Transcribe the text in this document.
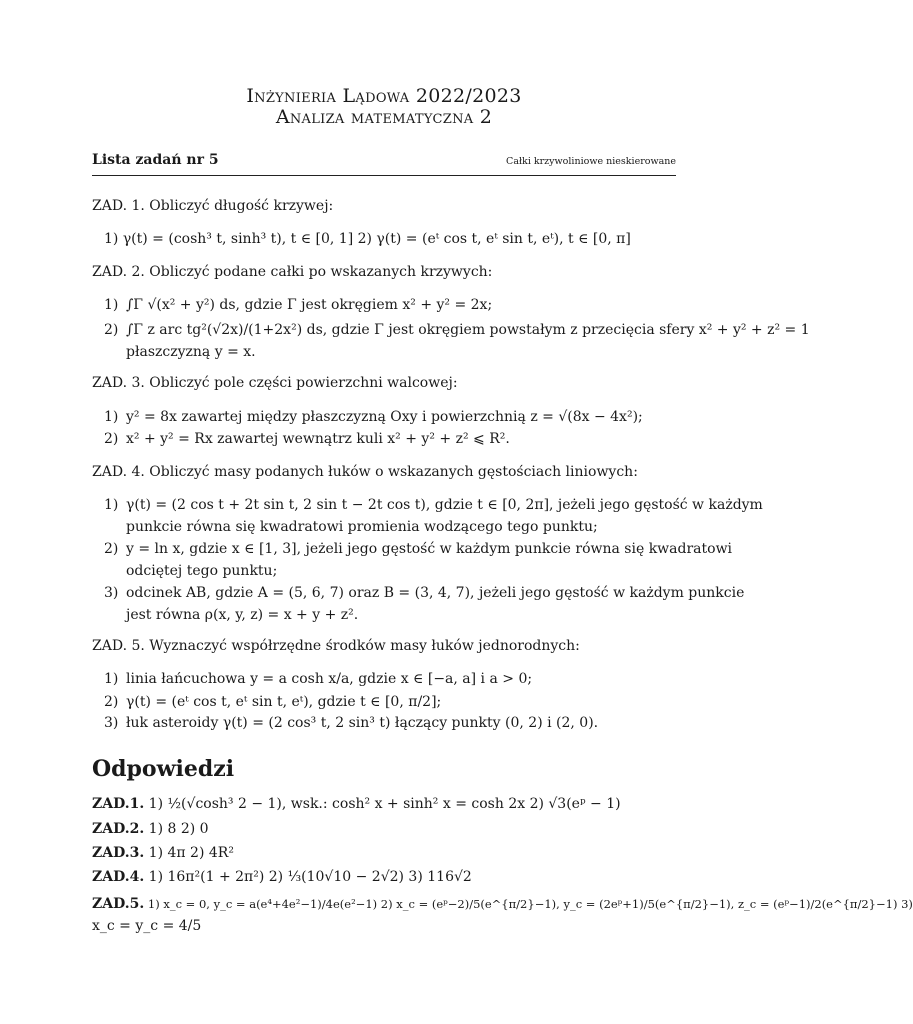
Inżynieria Lądowa 2022/2023
Analiza matematyczna 2
Lista zadań nr 5	Całki krzywoliniowe nieskierowane
ZAD. 1. Obliczyć długość krzywej:
1) γ(t) = (cosh³ t, sinh³ t), t ∈ [0, 1] 2) γ(t) = (eᵗ cos t, eᵗ sin t, eᵗ), t ∈ [0, π]
ZAD. 2. Obliczyć podane całki po wskazanych krzywych:
1) ∫Γ √(x² + y²) ds, gdzie Γ jest okręgiem x² + y² = 2x;
2) ∫Γ z arc tg²(√2x)/(1+2x²) ds, gdzie Γ jest okręgiem powstałym z przecięcia sfery x² + y² + z² = 1
płaszczyzną y = x.
ZAD. 3. Obliczyć pole części powierzchni walcowej:
1) y² = 8x zawartej między płaszczyzną Oxy i powierzchnią z = √(8x − 4x²);
2) x² + y² = Rx zawartej wewnątrz kuli x² + y² + z² ⩽ R².
ZAD. 4. Obliczyć masy podanych łuków o wskazanych gęstościach liniowych:
1) γ(t) = (2 cos t + 2t sin t, 2 sin t − 2t cos t), gdzie t ∈ [0, 2π], jeżeli jego gęstość w każdym
punkcie równa się kwadratowi promienia wodzącego tego punktu;
2) y = ln x, gdzie x ∈ [1, 3], jeżeli jego gęstość w każdym punkcie równa się kwadratowi
odciętej tego punktu;
3) odcinek AB, gdzie A = (5, 6, 7) oraz B = (3, 4, 7), jeżeli jego gęstość w każdym punkcie
jest równa ρ(x, y, z) = x + y + z².
ZAD. 5. Wyznaczyć współrzędne środków masy łuków jednorodnych:
1) linia łańcuchowa y = a cosh x/a, gdzie x ∈ [−a, a] i a > 0;
2) γ(t) = (eᵗ cos t, eᵗ sin t, eᵗ), gdzie t ∈ [0, π/2];
3) łuk asteroidy γ(t) = (2 cos³ t, 2 sin³ t) łączący punkty (0, 2) i (2, 0).
Odpowiedzi
ZAD.1. 1) ½(√cosh³ 2 − 1), wsk.: cosh² x + sinh² x = cosh 2x 2) √3(eᵖ − 1)
ZAD.2. 1) 8 2) 0
ZAD.3. 1) 4π 2) 4R²
ZAD.4. 1) 16π²(1 + 2π²) 2) ⅓(10√10 − 2√2) 3) 116√2
ZAD.5. 1) x_c = 0, y_c = a(e⁴+4e²−1)/4e(e²−1) 2) x_c = (eᵖ−2)/5(e^{π/2}−1), y_c = (2eᵖ+1)/5(e^{π/2}−1), z_c = (eᵖ−1)/2(e^{π/2}−1) 3)
x_c = y_c = 4/5
